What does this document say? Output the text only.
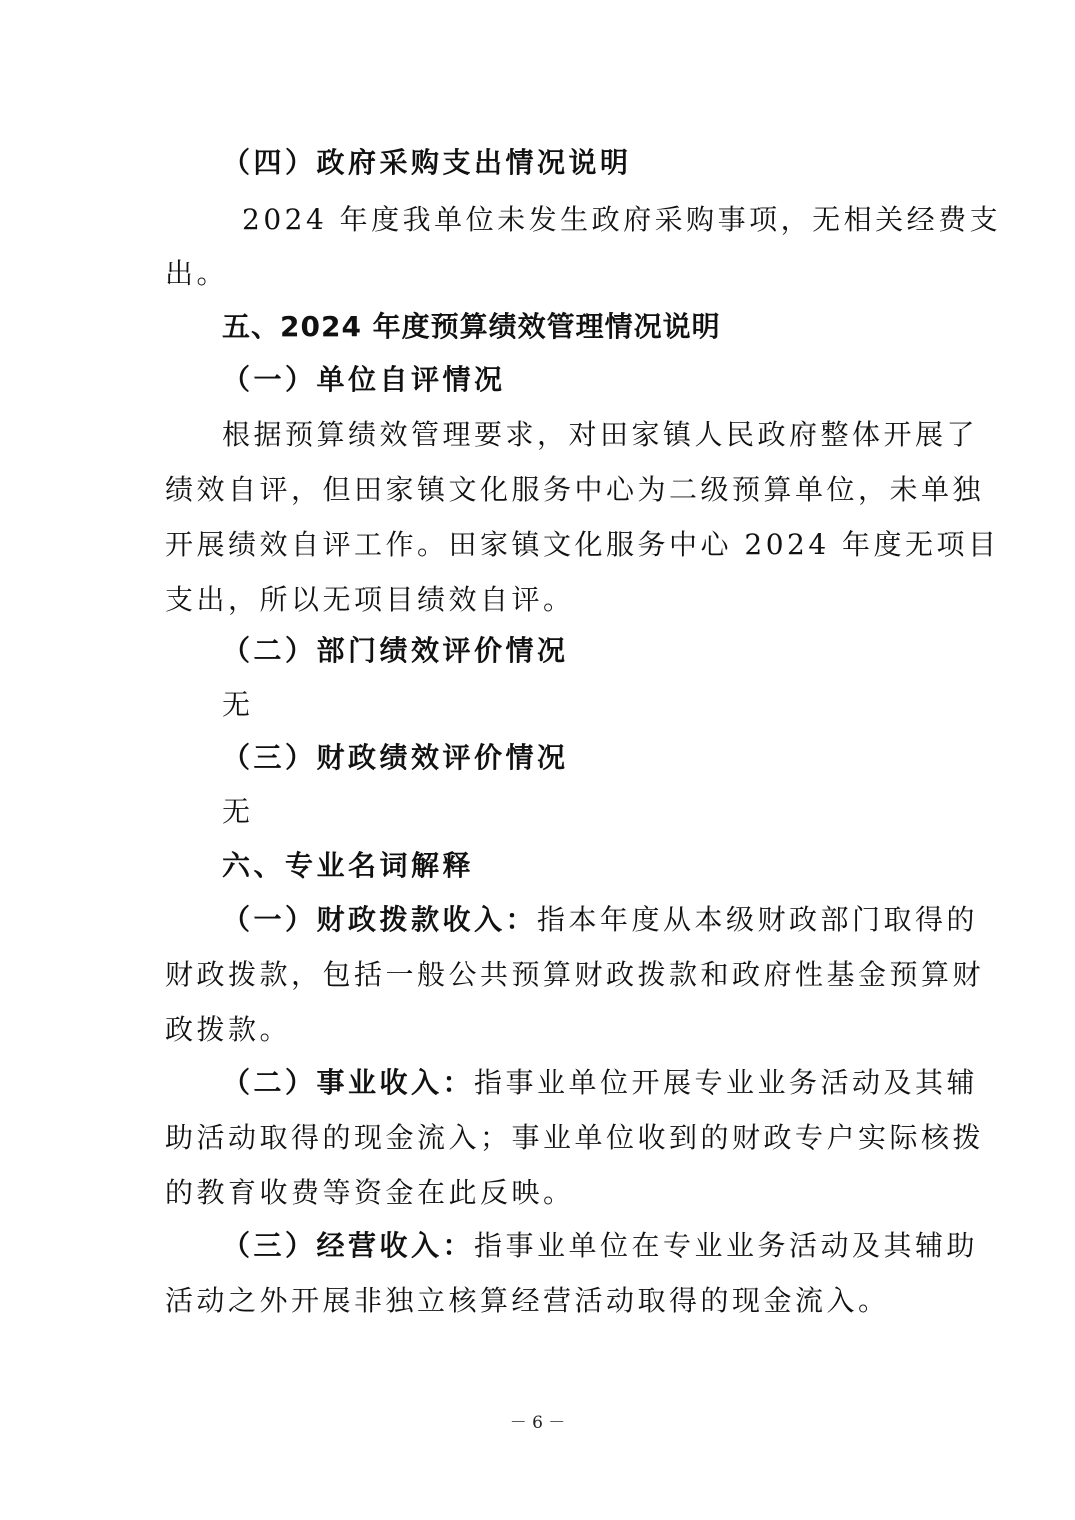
（四）政府采购支出情况说明
2024 年度我单位未发生政府采购事项，无相关经费支
出。
五、2024 年度预算绩效管理情况说明
（一）单位自评情况
根据预算绩效管理要求，对田家镇人民政府整体开展了
绩效自评，但田家镇文化服务中心为二级预算单位，未单独
开展绩效自评工作。田家镇文化服务中心 2024 年度无项目
支出，所以无项目绩效自评。
（二）部门绩效评价情况
无
（三）财政绩效评价情况
无
六、专业名词解释
（一）财政拨款收入：指本年度从本级财政部门取得的
财政拨款，包括一般公共预算财政拨款和政府性基金预算财
政拨款。
（二）事业收入：指事业单位开展专业业务活动及其辅
助活动取得的现金流入；事业单位收到的财政专户实际核拨
的教育收费等资金在此反映。
（三）经营收入：指事业单位在专业业务活动及其辅助
活动之外开展非独立核算经营活动取得的现金流入。
－ 6 －
